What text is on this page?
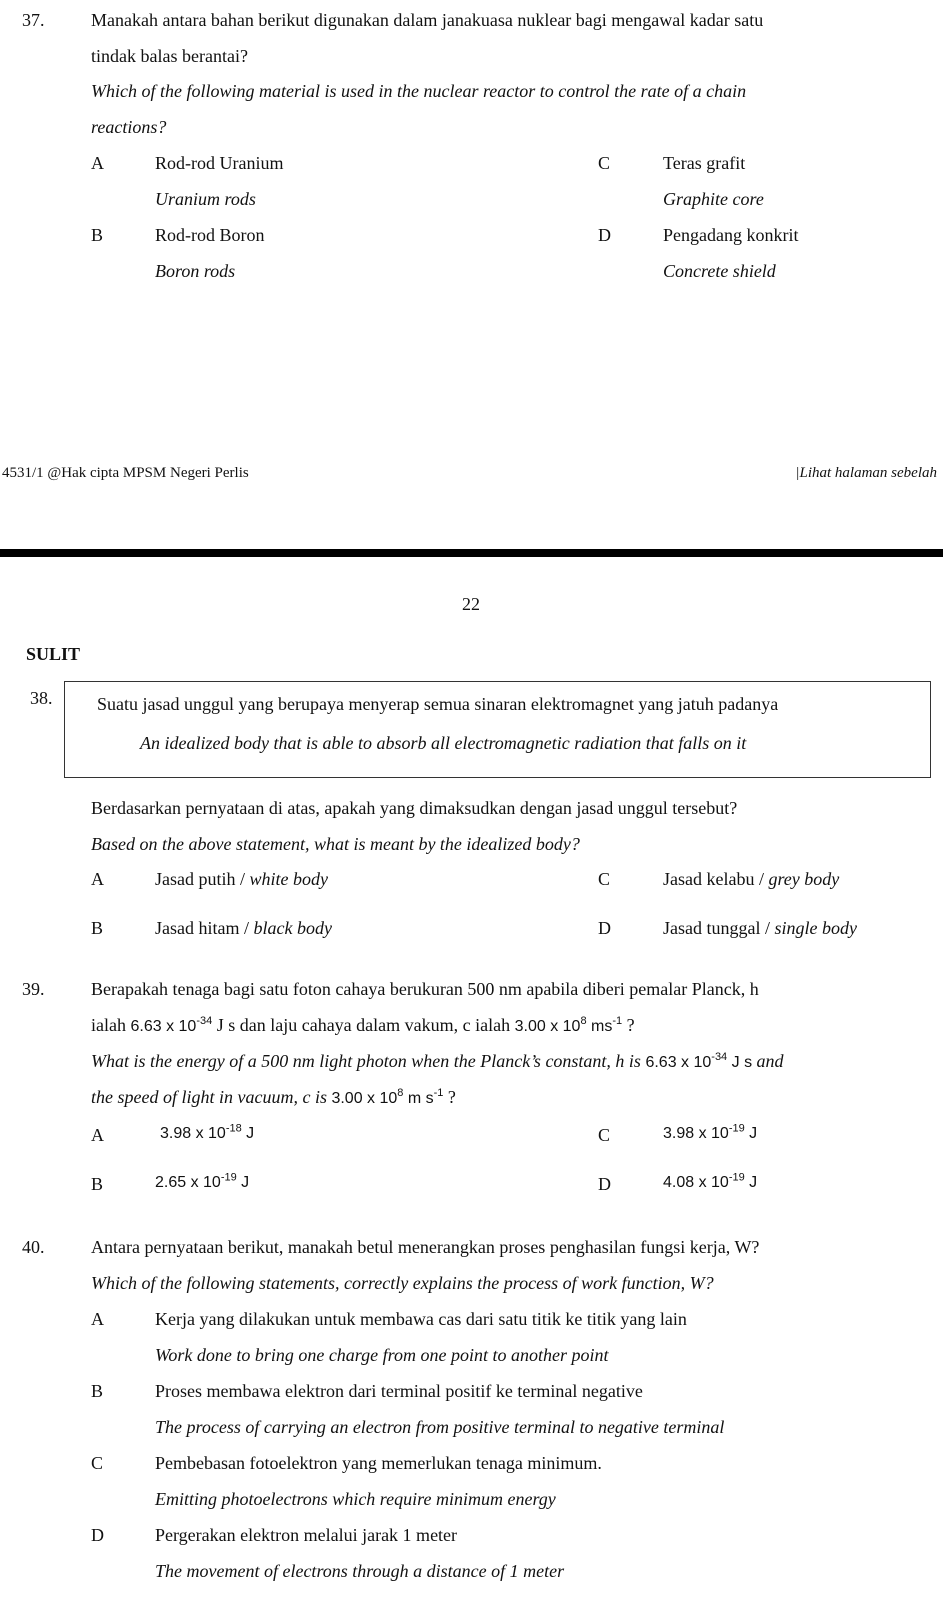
37.	Manakah antara bahan berikut digunakan dalam janakuasa nuklear bagi mengawal kadar satu
tindak balas berantai?
Which of the following material is used in the nuclear reactor to control the rate of a chain
reactions?
A	Rod-rod Uranium
Uranium rods
B	Rod-rod Boron
Boron rods
C	Teras grafit
Graphite core
D	Pengadang konkrit
Concrete shield
4531/1 @Hak cipta MPSM Negeri Perlis	|Lihat halaman sebelah
22
SULIT
38. Suatu jasad unggul yang berupaya menyerap semua sinaran elektromagnet yang jatuh padanya
An idealized body that is able to absorb all electromagnetic radiation that falls on it
Berdasarkan pernyataan di atas, apakah yang dimaksudkan dengan jasad unggul tersebut?
Based on the above statement, what is meant by the idealized body?
A	Jasad putih / white body
B	Jasad hitam / black body
C	Jasad kelabu / grey body
D	Jasad tunggal / single body
39.	Berapakah tenaga bagi satu foton cahaya berukuran 500 nm apabila diberi pemalar Planck, h
ialah 6.63 x $10^{-34}$ J s dan laju cahaya dalam vakum, c ialah 3.00 x $10^8$ $ms^{-1}$ ?
What is the energy of a 500 nm light photon when the Planck’s constant, h is 6.63 x $10^{-34}$ J s and
the speed of light in vacuum, c is 3.00 x $10^8$ m $s^{-1}$ ?
A	3.98 x $10^{-18}$ J
B	2.65 x $10^{-19}$ J
C	3.98 x $10^{-19}$ J
D	4.08 x $10^{-19}$ J
40.	Antara pernyataan berikut, manakah betul menerangkan proses penghasilan fungsi kerja, W?
Which of the following statements, correctly explains the process of work function, W?
A	Kerja yang dilakukan untuk membawa cas dari satu titik ke titik yang lain
Work done to bring one charge from one point to another point
B	Proses membawa elektron dari terminal positif ke terminal negative
The process of carrying an electron from positive terminal to negative terminal
C	Pembebasan fotoelektron yang memerlukan tenaga minimum.
Emitting photoelectrons which require minimum energy
D	Pergerakan elektron melalui jarak 1 meter
The movement of electrons through a distance of 1 meter
